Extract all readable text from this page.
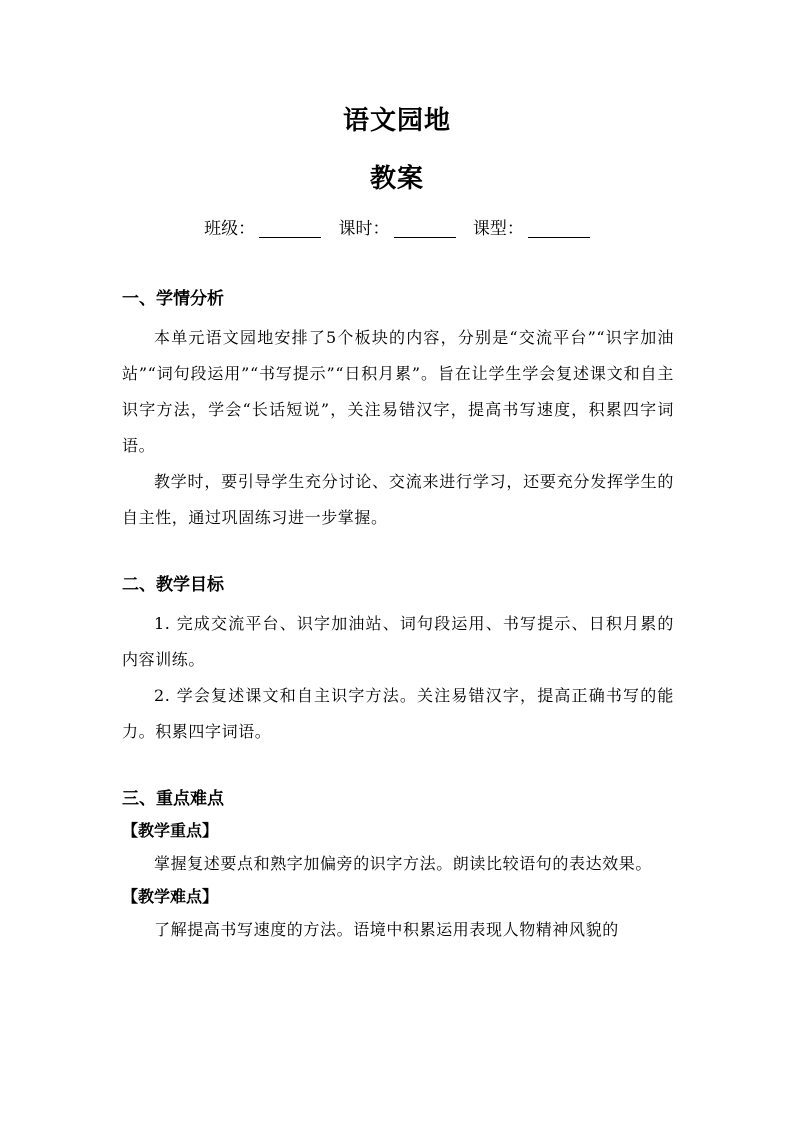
语文园地
教案
班级：	课时：	课型：
一、学情分析

本单元语文园地安排了5个板块的内容，分别是“交流平台”“识字加油站”“词句段运用”“书写提示”“日积月累”。旨在让学生学会复述课文和自主识字方法，学会“长话短说”，关注易错汉字，提高书写速度，积累四字词语。

教学时，要引导学生充分讨论、交流来进行学习，还要充分发挥学生的自主性，通过巩固练习进一步掌握。

二、教学目标

1. 完成交流平台、识字加油站、词句段运用、书写提示、日积月累的内容训练。

2. 学会复述课文和自主识字方法。关注易错汉字，提高正确书写的能力。积累四字词语。

三、重点难点
【教学重点】

掌握复述要点和熟字加偏旁的识字方法。朗读比较语句的表达效果。

【教学难点】

了解提高书写速度的方法。语境中积累运用表现人物精神风貌的
